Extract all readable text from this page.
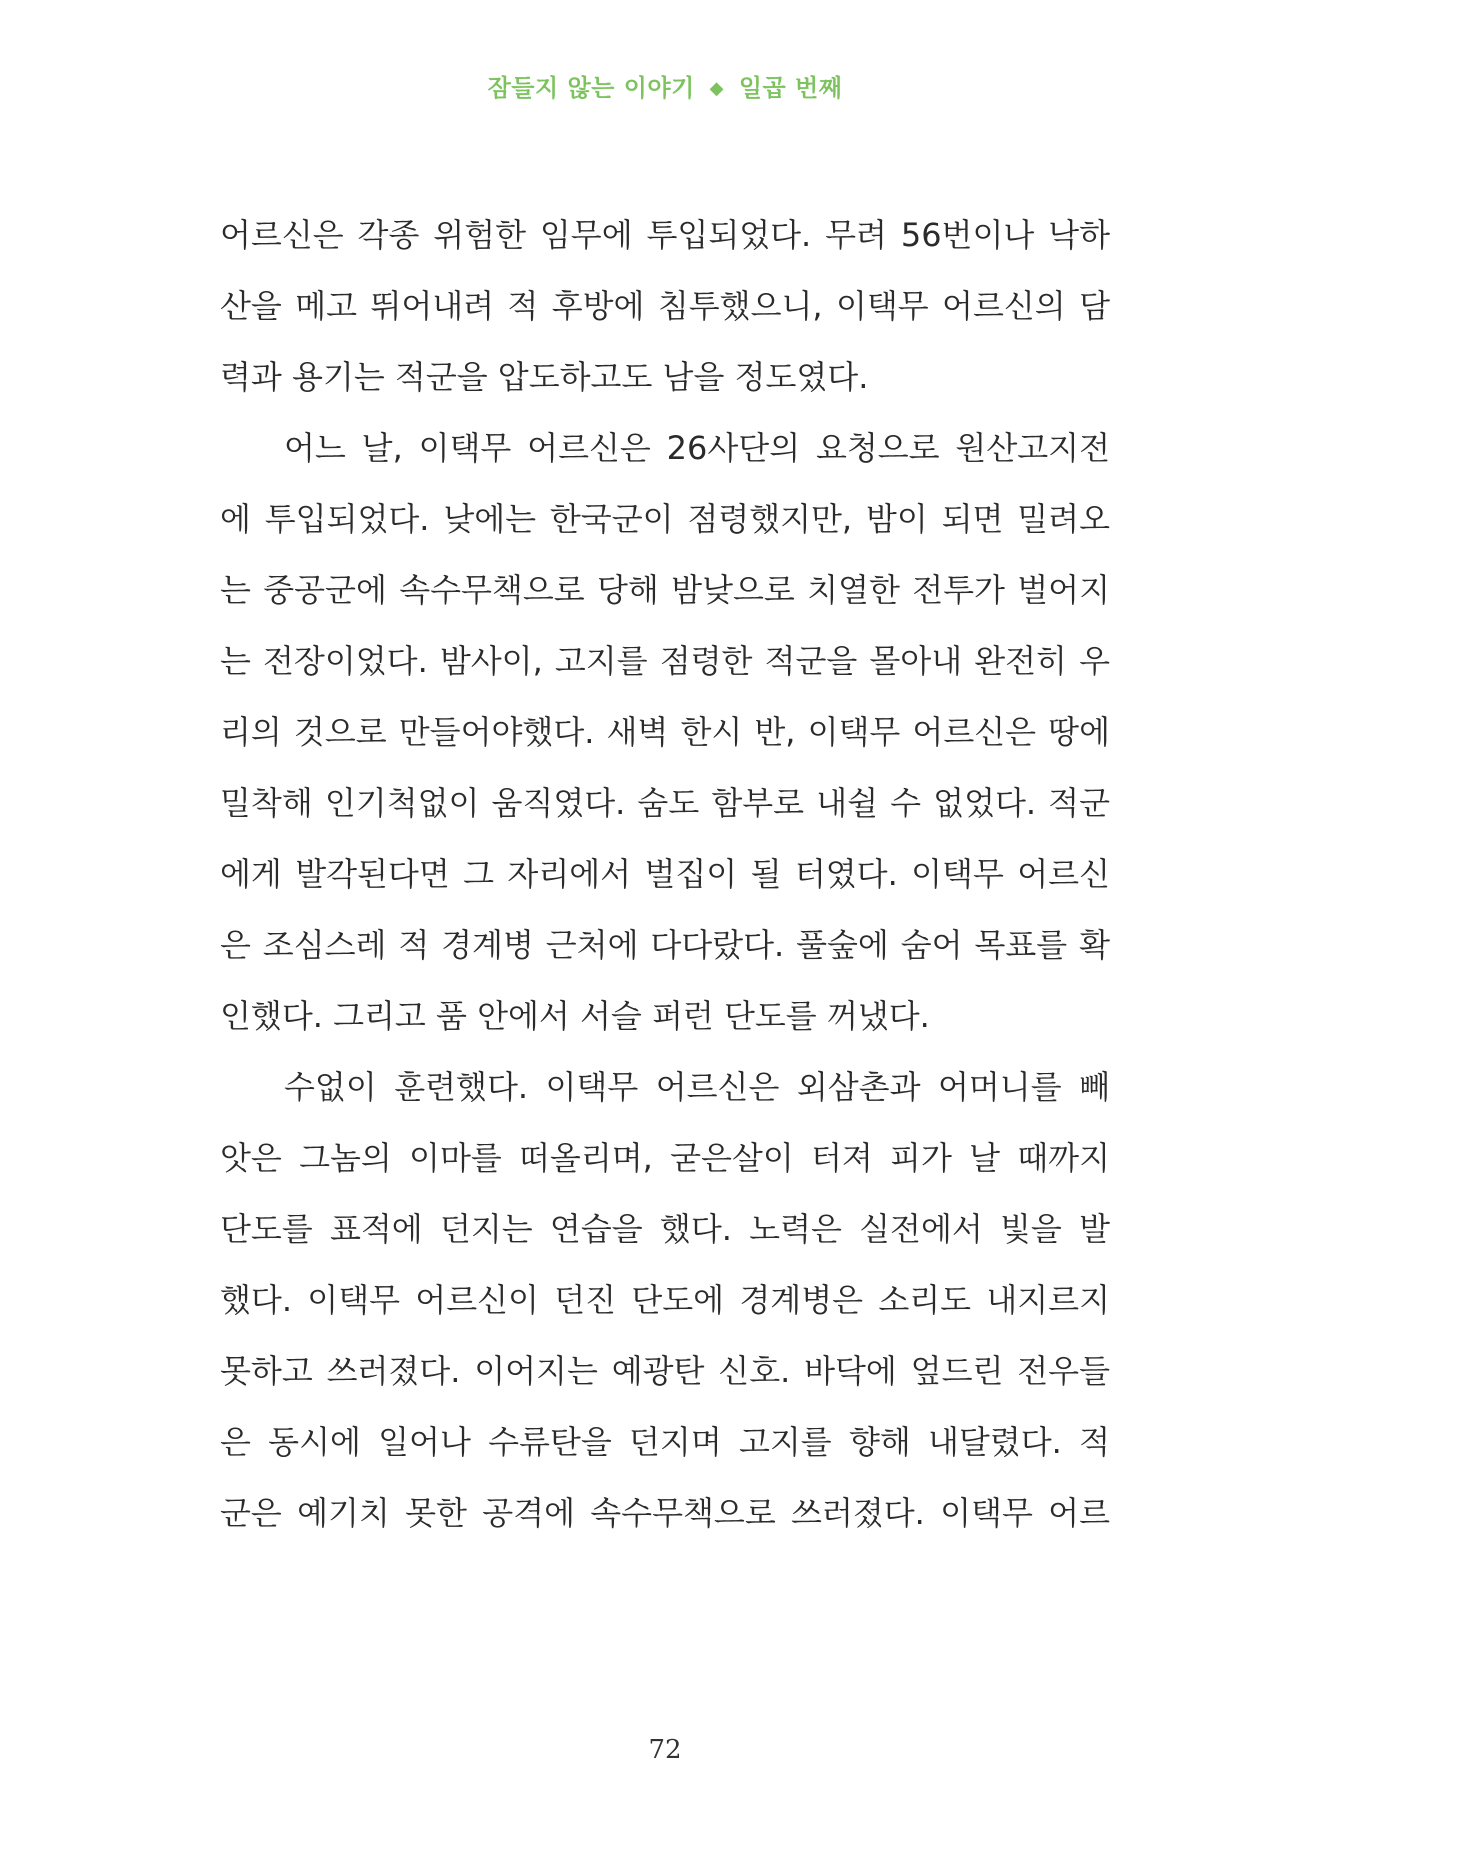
잠들지 않는 이야기 ◆ 일곱 번째
어르신은 각종 위험한 임무에 투입되었다. 무려 56번이나 낙하
산을 메고 뛰어내려 적 후방에 침투했으니, 이택무 어르신의 담
력과 용기는 적군을 압도하고도 남을 정도였다.
어느 날, 이택무 어르신은 26사단의 요청으로 원산고지전
에 투입되었다. 낮에는 한국군이 점령했지만, 밤이 되면 밀려오
는 중공군에 속수무책으로 당해 밤낮으로 치열한 전투가 벌어지
는 전장이었다. 밤사이, 고지를 점령한 적군을 몰아내 완전히 우
리의 것으로 만들어야했다. 새벽 한시 반, 이택무 어르신은 땅에
밀착해 인기척없이 움직였다. 숨도 함부로 내쉴 수 없었다. 적군
에게 발각된다면 그 자리에서 벌집이 될 터였다. 이택무 어르신
은 조심스레 적 경계병 근처에 다다랐다. 풀숲에 숨어 목표를 확
인했다. 그리고 품 안에서 서슬 퍼런 단도를 꺼냈다.
수없이 훈련했다. 이택무 어르신은 외삼촌과 어머니를 빼
앗은 그놈의 이마를 떠올리며, 굳은살이 터져 피가 날 때까지
단도를 표적에 던지는 연습을 했다. 노력은 실전에서 빛을 발
했다. 이택무 어르신이 던진 단도에 경계병은 소리도 내지르지
못하고 쓰러졌다. 이어지는 예광탄 신호. 바닥에 엎드린 전우들
은 동시에 일어나 수류탄을 던지며 고지를 향해 내달렸다. 적
군은 예기치 못한 공격에 속수무책으로 쓰러졌다. 이택무 어르
72
